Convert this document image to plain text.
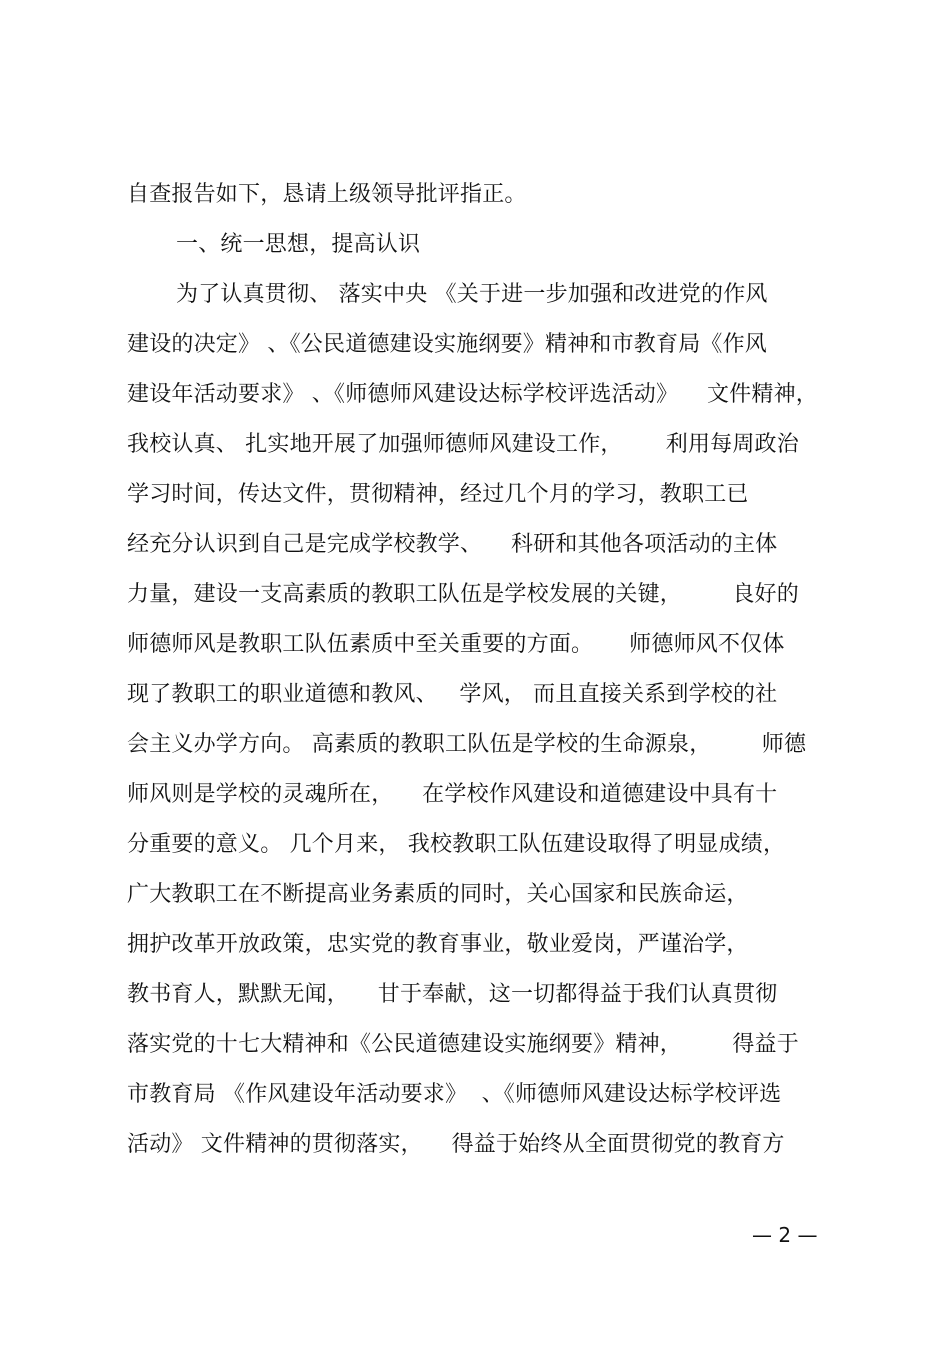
自查报告如下，恳请上级领导批评指正。
一、统一思想，提高认识
为了认真贯彻、 落实中央 《关于进一步加强和改进党的作风
建设的决定》 、《公民道德建设实施纲要》精神和市教育局《作风
建设年活动要求》 、《师德师风建设达标学校评选活动》    文件精神，
我校认真、 扎实地开展了加强师德师风建设工作，      利用每周政治
学习时间，传达文件，贯彻精神，经过几个月的学习，教职工已
经充分认识到自己是完成学校教学、    科研和其他各项活动的主体
力量，建设一支高素质的教职工队伍是学校发展的关键，       良好的
师德师风是教职工队伍素质中至关重要的方面。     师德师风不仅体
现了教职工的职业道德和教风、   学风， 而且直接关系到学校的社
会主义办学方向。 高素质的教职工队伍是学校的生命源泉，       师德
师风则是学校的灵魂所在，    在学校作风建设和道德建设中具有十
分重要的意义。 几个月来， 我校教职工队伍建设取得了明显成绩，
广大教职工在不断提高业务素质的同时，关心国家和民族命运，
拥护改革开放政策，忠实党的教育事业，敬业爱岗，严谨治学，
教书育人，默默无闻，    甘于奉献，这一切都得益于我们认真贯彻
落实党的十七大精神和《公民道德建设实施纲要》精神，       得益于
市教育局 《作风建设年活动要求》  、《师德师风建设达标学校评选
活动》 文件精神的贯彻落实，    得益于始终从全面贯彻党的教育方
— 2 —
